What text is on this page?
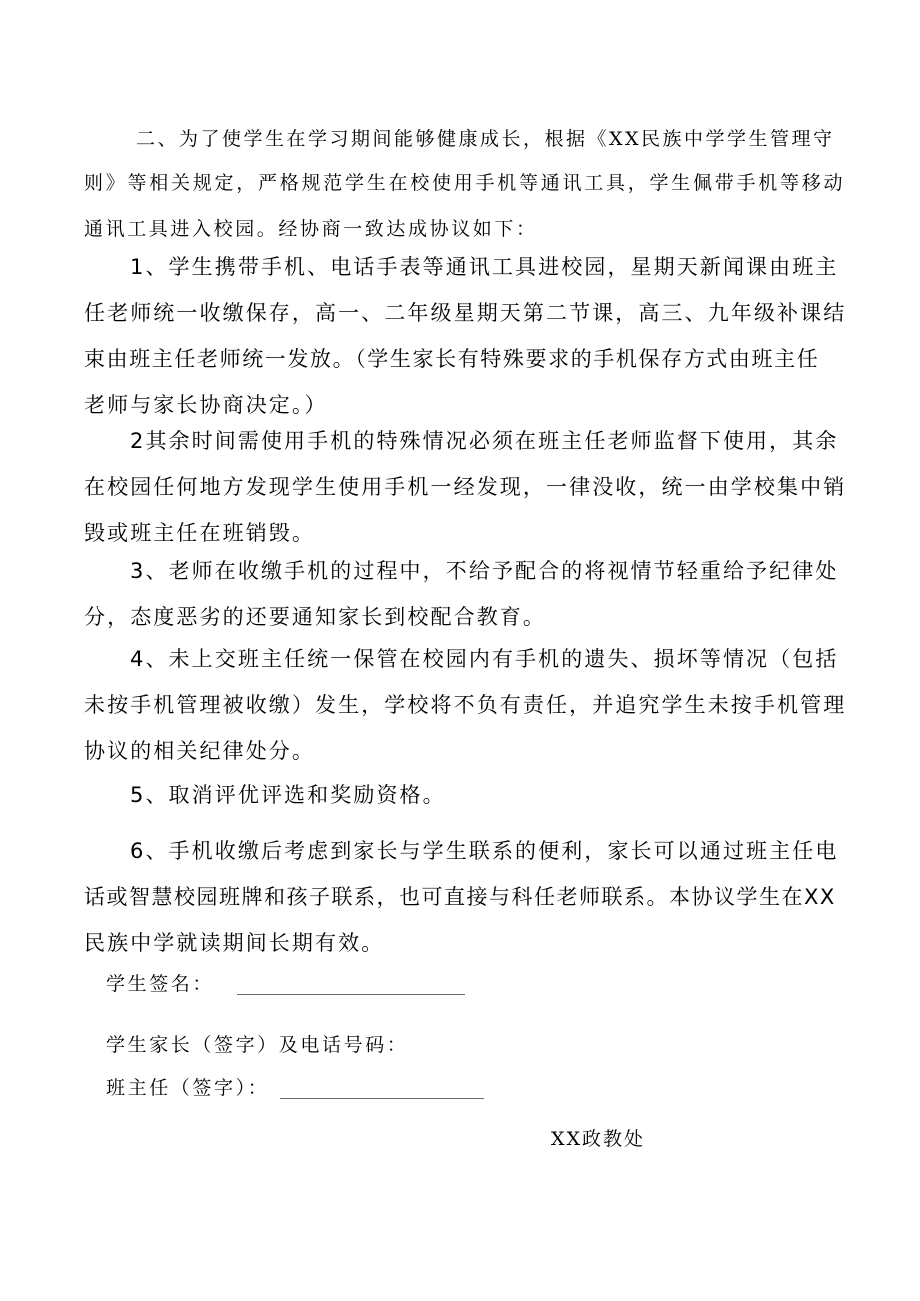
二、为了使学生在学习期间能够健康成长，根据《XX民族中学学生管理守
则》等相关规定，严格规范学生在校使用手机等通讯工具，学生佩带手机等移动
通讯工具进入校园。经协商一致达成协议如下：
1、学生携带手机、电话手表等通讯工具进校园，星期天新闻课由班主
任老师统一收缴保存，高一、二年级星期天第二节课，高三、九年级补课结
束由班主任老师统一发放。（学生家长有特殊要求的手机保存方式由班主任
老师与家长协商决定。）
2其余时间需使用手机的特殊情况必须在班主任老师监督下使用，其余
在校园任何地方发现学生使用手机一经发现，一律没收，统一由学校集中销
毁或班主任在班销毁。
3、老师在收缴手机的过程中，不给予配合的将视情节轻重给予纪律处
分，态度恶劣的还要通知家长到校配合教育。
4、未上交班主任统一保管在校园内有手机的遗失、损坏等情况（包括
未按手机管理被收缴）发生，学校将不负有责任，并追究学生未按手机管理
协议的相关纪律处分。
5、取消评优评选和奖励资格。
6、手机收缴后考虑到家长与学生联系的便利，家长可以通过班主任电
话或智慧校园班牌和孩子联系，也可直接与科任老师联系。本协议学生在XX
民族中学就读期间长期有效。
学生签名：
学生家长（签字）及电话号码：
班主任（签字）：
XX政教处
